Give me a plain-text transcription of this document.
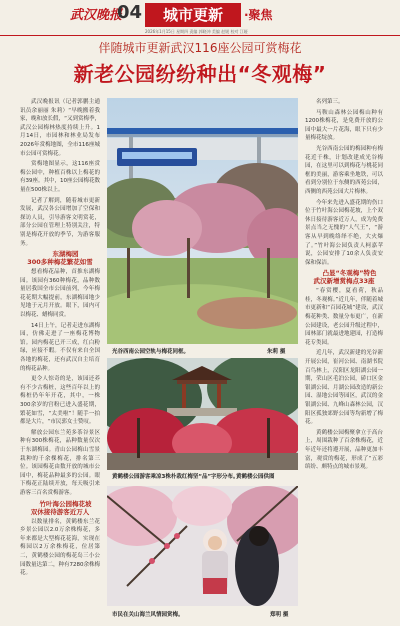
武汉晚报
04	城市更新	·聚焦
2026年1月15日 星期四 责编 郭晓冲 美编 赵媛 校对 江娅
伴随城市更新武汉116座公园可赏梅花
新老公园纷纷种出“冬观梅”

武汉晚报讯（记者郭鹏主通讯员余丽丽 朱莉）“早晚搬着我家，晚和放长假，“又到赏梅季，武汉公园梅林热度持续上升。1月14日，市园林和林业局发布2026年赏梅地图，全市116座城市公园可赏梅花。

赏梅地图显示，这116座赏梅公园中，种植百株以上梅花的有39座。其中，10座公园梅花数量在500株以上。

记者了解到，随着城市更新发展，武汉各公园增加了空保和探访人员，引导游客文明赏花，部分公园在管理上特别关注，特别是梅花开放的季节，为游客服务。

东湖梅园
300多种梅花繁花如雪

想看梅花品种，首推东湖梅园。该园有360种梅花，品种数量居我国全市公园前列，今年梅花花期大幅提前，东湖梅园地少见地于元月开放。眼下，园内可以梅花、蜡梅同赏。

14日上午，记者走进东湖梅园，仿佛走进了一座梅花博物馆。园内梅花已开三成，红白粉绿，应接不暇。不仅有来自全国各地的梅花，还有武汉自主培育的梅花品种。

更令人惊奇的是，该园还养有不少古梅桩，这些百年以上的梅桩仍年年开花，其中，一株300余岁的宫粉已进入盛花期，繁花如雪，“太美啦”！随手一拍都是大片，“市民郭女士赞叹。

解放公园东兰苑多茶谷景区种有300株梅花，品种数量仅次于东湖梅园。青山公园梅山雪景栽种的千余棵梅花，排名第三位。该园梅花由数开放的城市公园中，梅花品种最多的公园。眼下梅花正陆续开放，每天吸引来游客三百名赏梅游客。

竹叶海公园梅花坡
双休接待游客近万人

以数量排名，黄鹤楼东兰花乡景公园以2.0万余株梅花，多年来都是大型梅花花海，实现在梅园以2万余株梅花，位居第二，黄鹤楼公园的梅花岛三小公园数量达第二，种有7280余株梅花。

光谷西南公园空轨与梅花同框。	朱莉 摄
黄鹤楼公园游客乘凉3株朴栽红梅坚“品”字形分布。
黄鹤楼公园供图
市民在关山海兰风情园赏梅。	郑明 摄

名列第三。

马鞍山森林公园梅山种有1200株梅花，是免费开放的公园中最大一片花海，眼下只有少量梅花绽放。

光谷西南公园的梅园种有梅花近千株，计划改建成光谷梅园，在这里可以到梅花与桃花同框的美丽，游客乘坐地铁，可以看到分别位于东侧的西苑公园，西侧的西苑公园大片梅林。

今年来先进入盛花期的伤口位于竹叶海公园梅花坡，上个双休日接待游客近万人，成为免费景点当之无愧的“人气王”，“游客从早到晚络绎不绝，大火爆了。”竹叶海公园负责人柯嘉苹说，公园安排了10余人负责安保和保洁。

凸显“冬观梅”特色
武汉新增赏梅点33座

“春赏樱，夏看荷，秋品桂，冬观梅。”近几年，伴随着城市更新和“百园花城”建设，武汉梅花种类、数量分布更广，在新公园建设，老公园升级过程中，园林部门就最进地建园，打造梅花专类园。

近几年，武汉新建的光谷新开展公园，崔河公园、南湖书院百鸟林上，汉阳区龙阳湖公园一期，荣山区毛泊公园，硚口区金银湖公园、月湖公园改造的新公园、湿地公园等园区，武汉的金银湖公园、九峰山森林公园，汉阳区孤独郊野公园等均新增了梅花。

黄鹤楼公园梅聚拿立于高台上，周围栽种了百余株梅花，近年近年还将遵开展，品种更加丰富，观赏的梅花，形成了“五彩缤纷、颇特点的城市景观。
